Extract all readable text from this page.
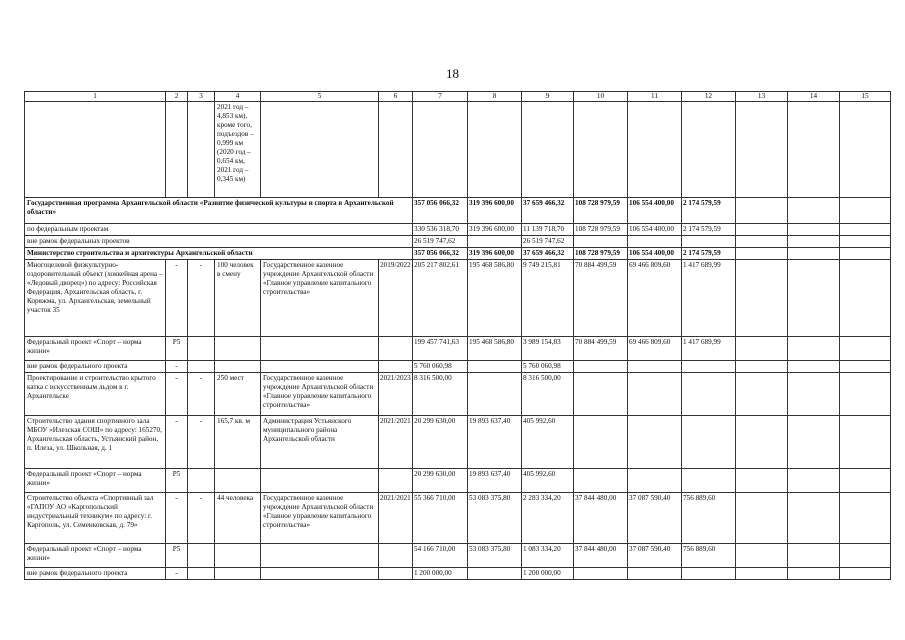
18
1	2	3	4	5	6	7	8	9	10	11	12	13	14	15
			2021 год – 4,853 км), кроме того, подъездов – 0,999 км (2020 год – 0,654 км, 2021 год – 0,345 км)											
Государственная программа Архангельской области «Развитие физической культуры и спорта в Архангельской области»						357 056 066,32	319 396 600,00	37 659 466,32	108 728 979,59	106 554 400,00	2 174 579,59			
по федеральным проектам						330 536 318,70	319 396 600,00	11 139 718,70	108 728 979,59	106 554 400,00	2 174 579,59			
вне рамок федеральных проектов						26 519 747,62		26 519 747,62						
Министерство строительства и архитектуры Архангельской области						357 056 066,32	319 396 600,00	37 659 466,32	108 728 979,59	106 554 400,00	2 174 579,59			
Многоцелевой физкультурно-оздоровительный объект (хоккейная арена – «Ледовый дворец») по адресу: Российская Федерация, Архангельская область, г. Коряжма, ул. Архангельская, земельный участок 35	-	-	100 человек в смену	Государственное казенное учреждение Архангельской области «Главное управление капитального строительства»	2019/2022	205 217 802,61	195 468 586,80	9 749 215,81	70 884 499,59	69 466 809,60	1 417 689,99			
Федеральный проект «Спорт – норма жизни»	P5					199 457 741,63	195 468 586,80	3 989 154,83	70 884 499,59	69 466 809,60	1 417 689,99			
вне рамок федерального проекта	-					5 760 060,98		5 760 060,98						
Проектирование и строительство крытого катка с искусственным льдом в г. Архангельске	-	-	250 мест	Государственное казенное учреждение Архангельской области «Главное управление капитального строительства»	2021/2023	8 316 500,00		8 316 500,00						
Строительство здания спортивного зала МБОУ «Илезская СОШ» по адресу: 165270, Архангельская область, Устьянский район, п. Илеза, ул. Школьная, д. 1	-	-	165,7 кв. м	Администрация Устьянского муниципального района Архангельской области	2021/2021	20 299 630,00	19 893 637,40	405 992,60						
Федеральный проект «Спорт – норма жизни»	P5					20 299 630,00	19 893 637,40	405 992,60						
Строительство объекта «Спортивный зал «ГАПОУ АО «Каргопольский индустриальный техникум» по адресу: г. Каргополь, ул. Семенковская, д. 79»	-	-	44 человека	Государственное казенное учреждение Архангельской области «Главное управление капитального строительства»	2021/2021	55 366 710,00	53 083 375,80	2 283 334,20	37 844 480,00	37 087 590,40	756 889,60			
Федеральный проект «Спорт – норма жизни»	P5					54 166 710,00	53 083 375,80	1 083 334,20	37 844 480,00	37 087 590,40	756 889,60			
вне рамок федерального проекта	-					1 200 000,00		1 200 000,00						
